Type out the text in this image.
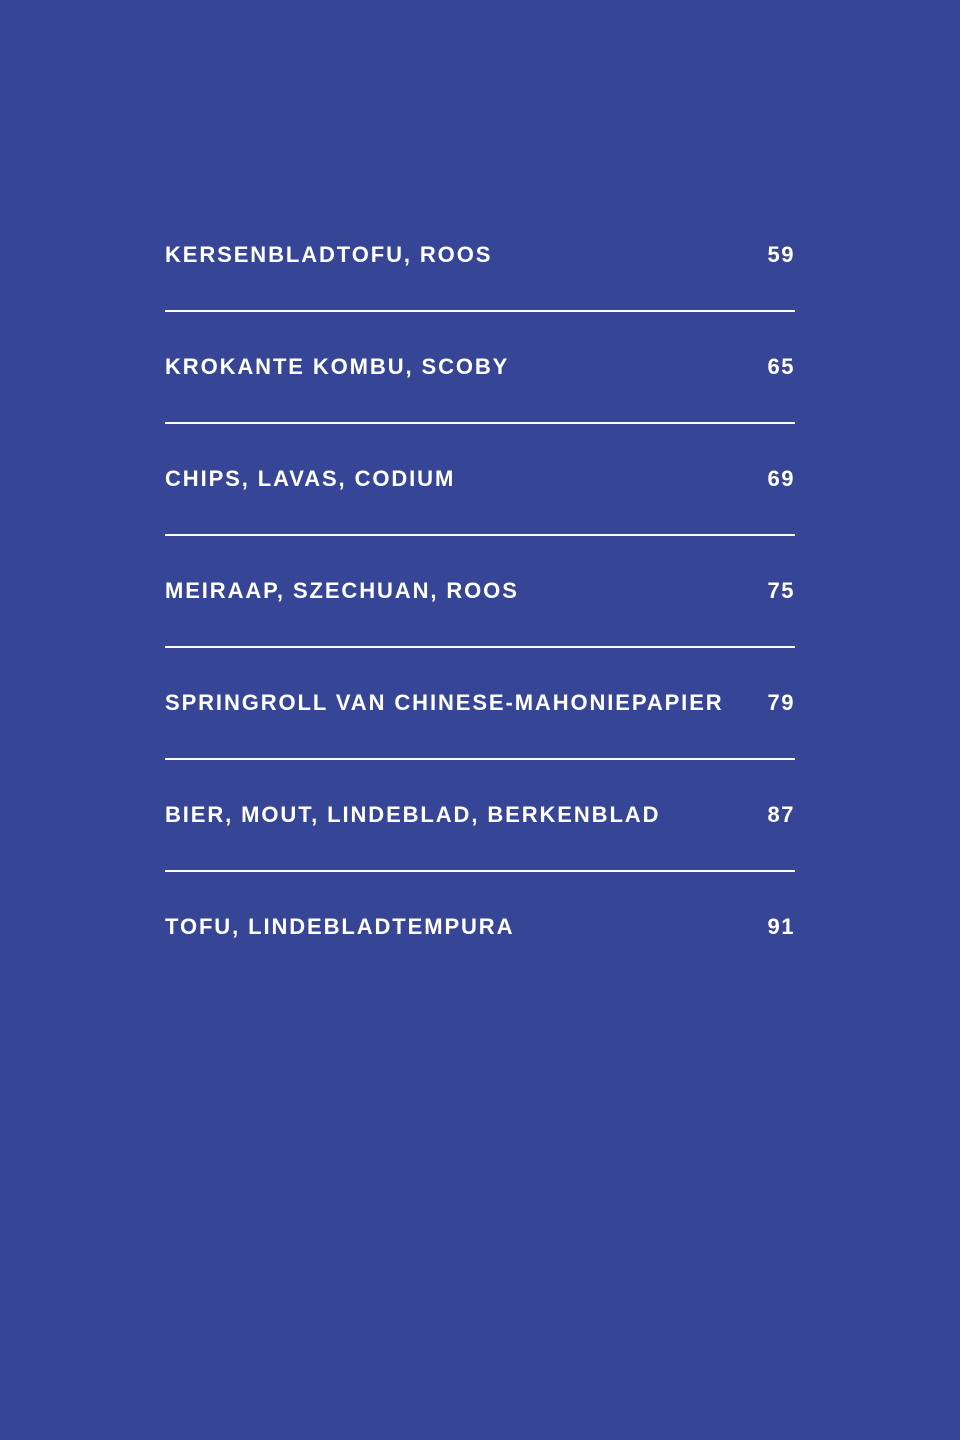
KERSENBLADTOFU, ROOS	59
KROKANTE KOMBU, SCOBY	65
CHIPS, LAVAS, CODIUM	69
MEIRAAP, SZECHUAN, ROOS	75
SPRINGROLL VAN CHINESE-MAHONIEPAPIER	79
BIER, MOUT, LINDEBLAD, BERKENBLAD	87
TOFU, LINDEBLADTEMPURA	91
